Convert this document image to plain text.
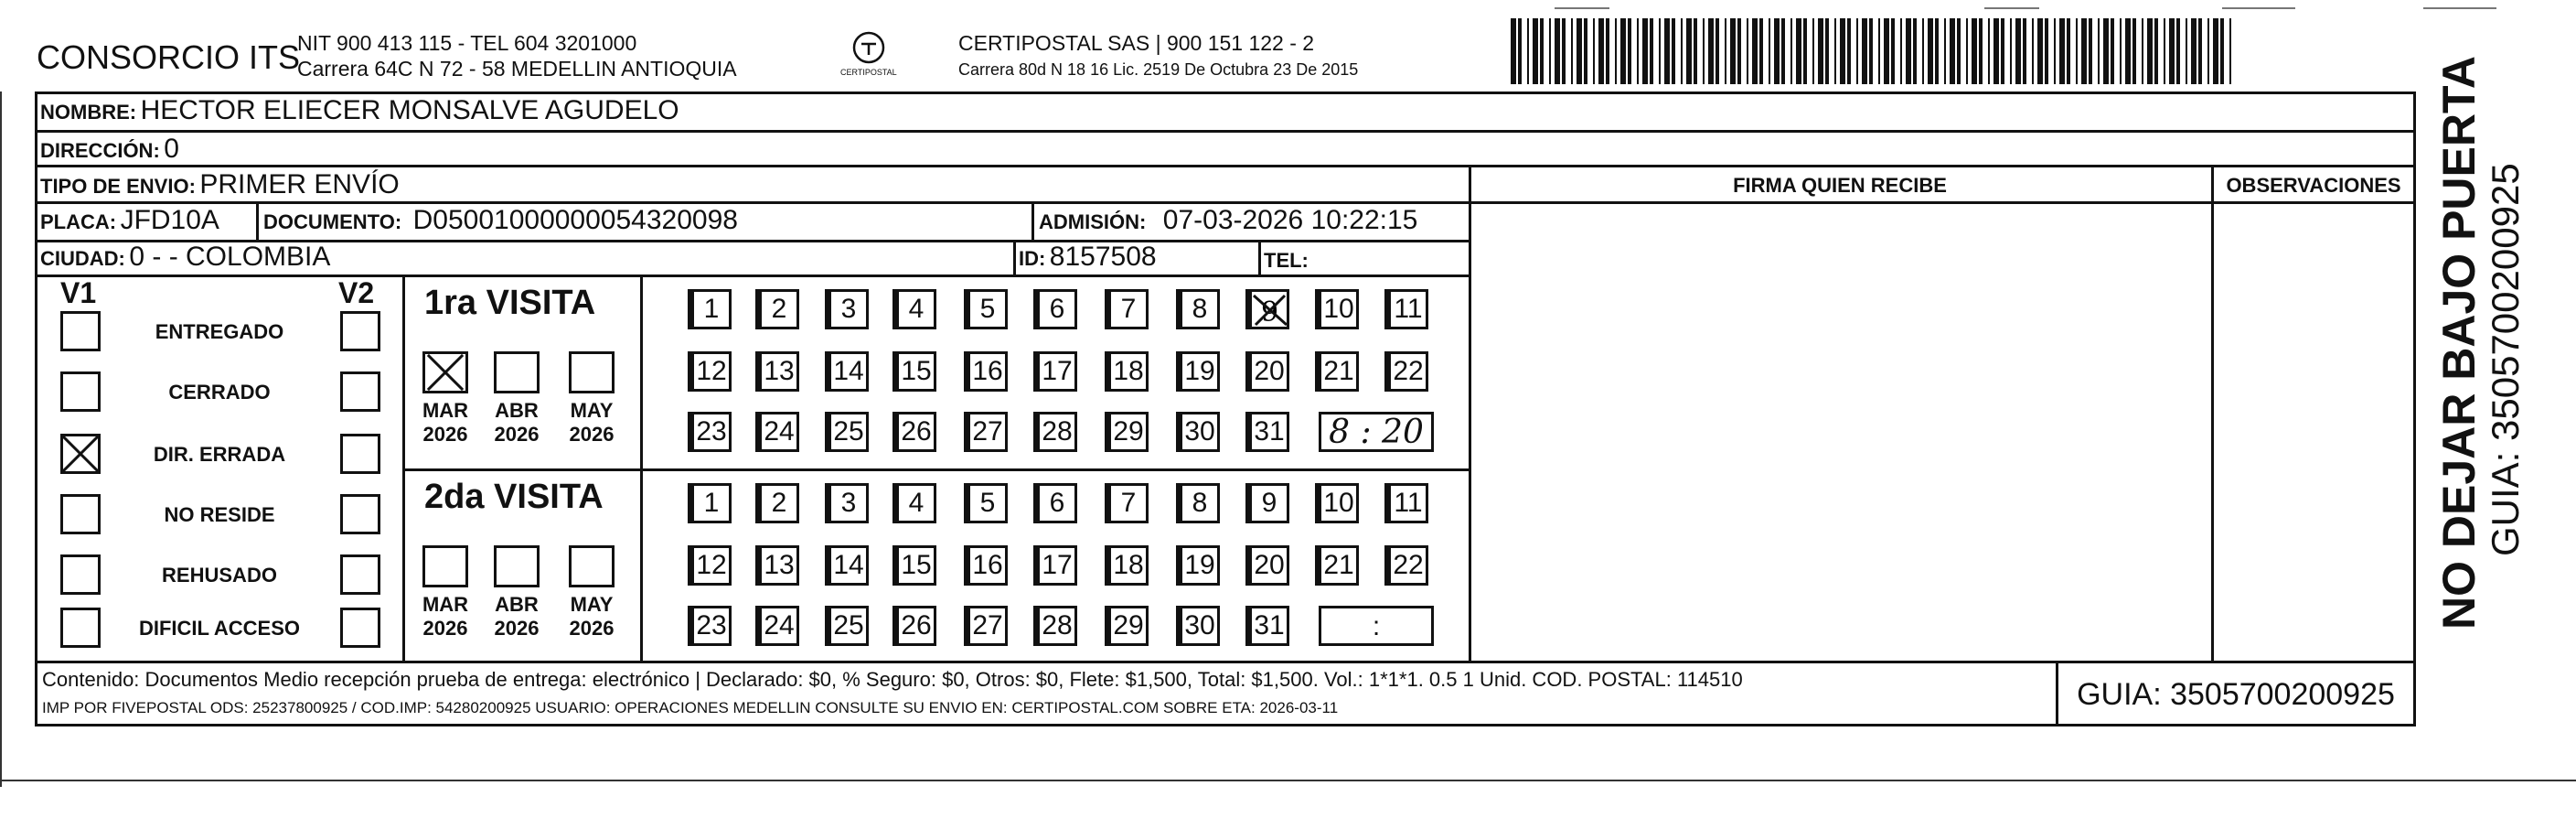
CONSORCIO ITS
NIT 900 413 115 - TEL 604 3201000
Carrera 64C N 72 - 58 MEDELLIN ANTIOQUIA	CERTIPOSTAL
CERTIPOSTAL SAS | 900 151 122 - 2
Carrera 80d N 18 16 Lic. 2519 De Octubra 23 De 2015
NOMBRE: HECTOR ELIECER MONSALVE AGUDELO
DIRECCIÓN: 0
TIPO DE ENVIO: PRIMER ENVÍO	FIRMA QUIEN RECIBE	OBSERVACIONES
PLACA: JFD10A DOCUMENTO: D05001000000054320098	ADMISIÓN: 07-03-2026 10:22:15
CIUDAD: 0 - - COLOMBIA	ID: 8157508	TEL:
V1	V2
ENTREGADO
CERRADO
DIR. ERRADA
NO RESIDE
REHUSADO
DIFICIL ACCESO
1ra VISITA
MAR
2026
ABR
2026
MAY
2026
1	2	3	4	5	6	7	8	9 10 11
12 13 14 15 16 17 18 19 20 21 22
23 24 25 26 27 28 29 30 31	8 : 20
2da VISITA
MAR
2026
ABR
2026
MAY
2026
1	2	3	4	5	6	7	8	9	10 11
12 13 14 15 16 17 18 19 20 21 22
23 24 25 26 27 28 29 30 31	:
Contenido: Documentos Medio recepción prueba de entrega: electrónico | Declarado: $0, % Seguro: $0, Otros: $0, Flete: $1,500, Total: $1,500. Vol.: 1*1*1. 0.5 1 Unid. COD. POSTAL: 114510
IMP POR FIVEPOSTAL ODS: 25237800925 / COD.IMP: 54280200925 USUARIO: OPERACIONES MEDELLIN CONSULTE SU ENVIO EN: CERTIPOSTAL.COM SOBRE ETA: 2026-03-11	GUIA: 3505700200925
NO DEJAR BAJO PUERTA GUIA: 3505700200925
